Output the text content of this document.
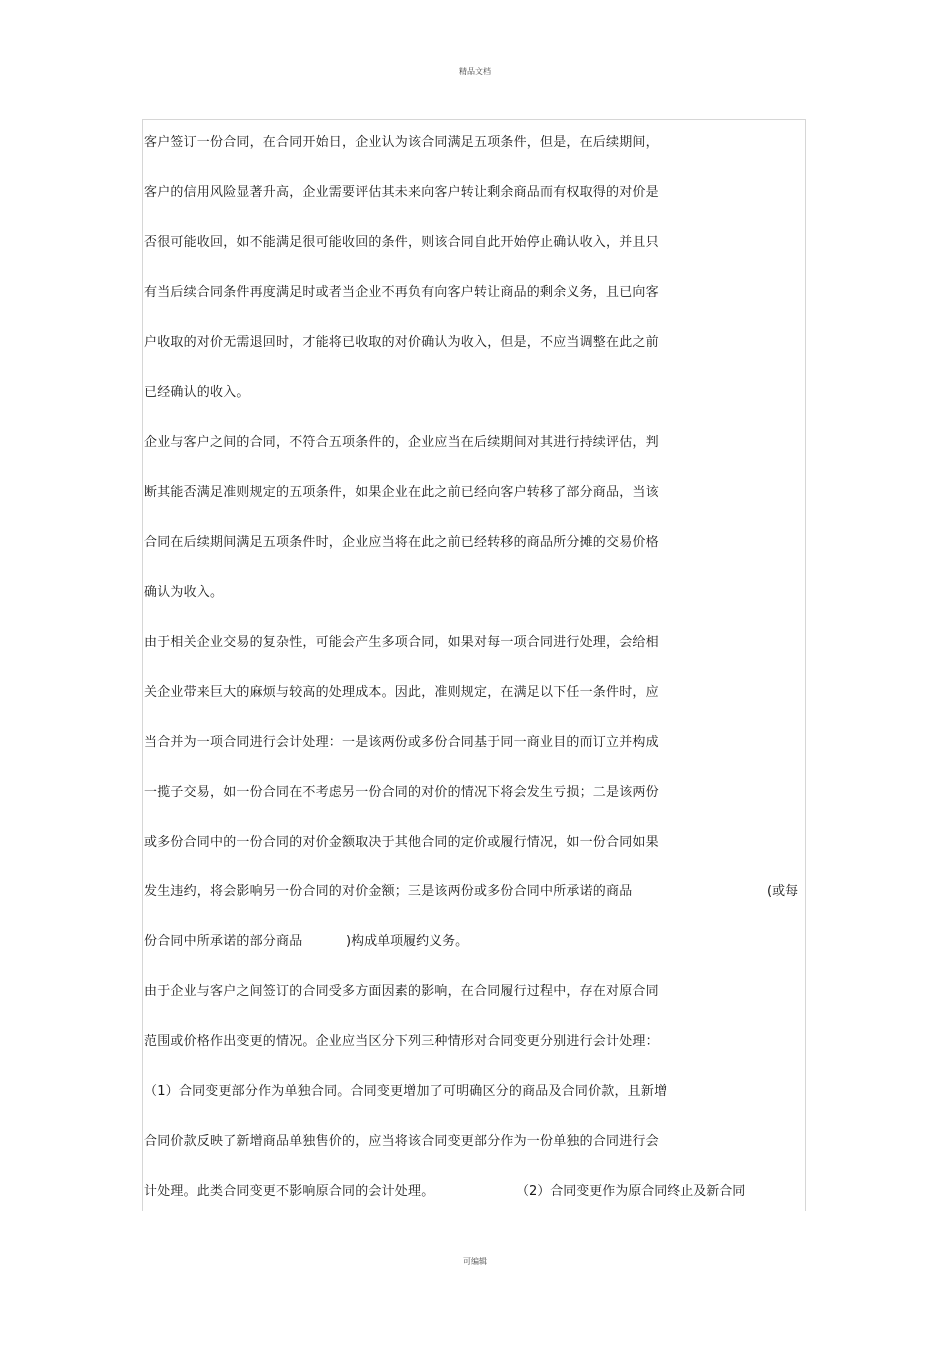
精品文档
客户签订一份合同，在合同开始日，企业认为该合同满足五项条件，但是，在后续期间，
客户的信用风险显著升高，企业需要评估其未来向客户转让剩余商品而有权取得的对价是
否很可能收回，如不能满足很可能收回的条件，则该合同自此开始停止确认收入，并且只
有当后续合同条件再度满足时或者当企业不再负有向客户转让商品的剩余义务，且已向客
户收取的对价无需退回时，才能将已收取的对价确认为收入，但是，不应当调整在此之前
已经确认的收入。
企业与客户之间的合同，不符合五项条件的，企业应当在后续期间对其进行持续评估，判
断其能否满足准则规定的五项条件，如果企业在此之前已经向客户转移了部分商品，当该
合同在后续期间满足五项条件时，企业应当将在此之前已经转移的商品所分摊的交易价格
确认为收入。
由于相关企业交易的复杂性，可能会产生多项合同，如果对每一项合同进行处理，会给相
关企业带来巨大的麻烦与较高的处理成本。因此，准则规定，在满足以下任一条件时，应
当合并为一项合同进行会计处理：一是该两份或多份合同基于同一商业目的而订立并构成
一揽子交易，如一份合同在不考虑另一份合同的对价的情况下将会发生亏损；二是该两份
或多份合同中的一份合同的对价金额取决于其他合同的定价或履行情况，如一份合同如果
发生违约，将会影响另一份合同的对价金额；三是该两份或多份合同中所承诺的商品	(或每
份合同中所承诺的部分商品	)构成单项履约义务。
由于企业与客户之间签订的合同受多方面因素的影响，在合同履行过程中，存在对原合同
范围或价格作出变更的情况。企业应当区分下列三种情形对合同变更分别进行会计处理：
（1）合同变更部分作为单独合同。合同变更增加了可明确区分的商品及合同价款，且新增
合同价款反映了新增商品单独售价的，应当将该合同变更部分作为一份单独的合同进行会
计处理。此类合同变更不影响原合同的会计处理。	（2）合同变更作为原合同终止及新合同
可编辑
